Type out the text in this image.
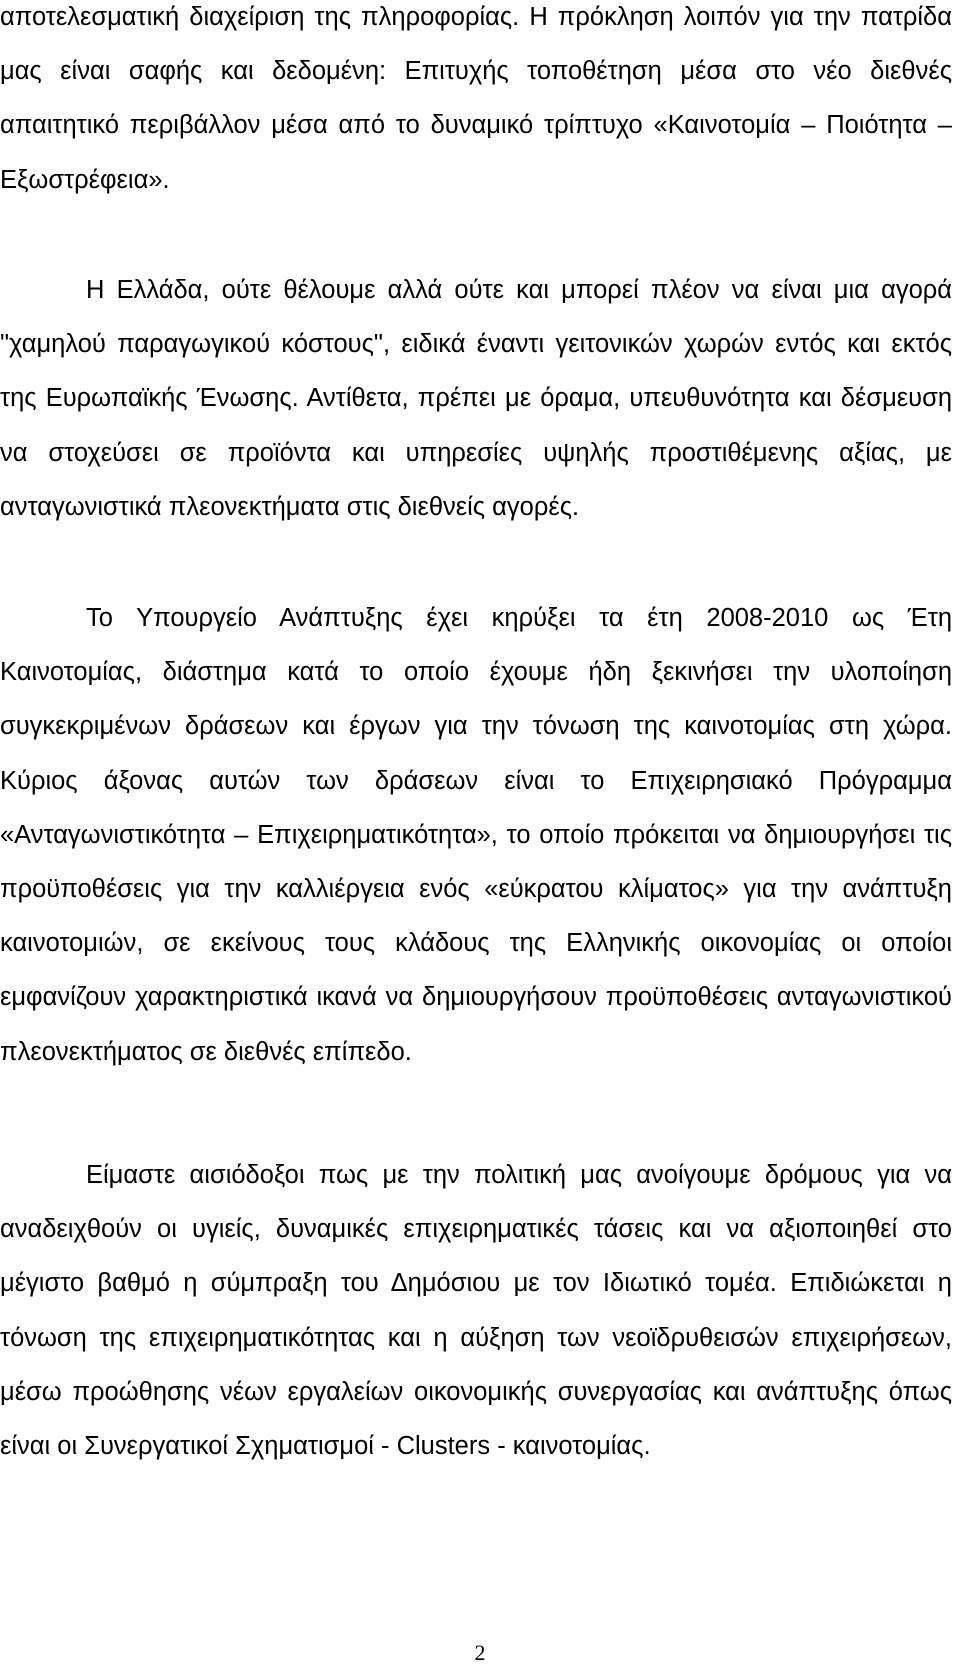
αποτελεσματική διαχείριση της πληροφορίας. Η πρόκληση λοιπόν για την πατρίδα μας είναι σαφής και δεδομένη: Επιτυχής τοποθέτηση μέσα στο νέο διεθνές απαιτητικό περιβάλλον μέσα από το δυναμικό τρίπτυχο «Καινοτομία – Ποιότητα – Εξωστρέφεια».
Η Ελλάδα, ούτε θέλουμε αλλά ούτε και μπορεί πλέον να είναι μια αγορά "χαμηλού παραγωγικού κόστους", ειδικά έναντι γειτονικών χωρών εντός και εκτός της Ευρωπαϊκής Ένωσης. Αντίθετα, πρέπει με όραμα, υπευθυνότητα και δέσμευση να στοχεύσει σε προϊόντα και υπηρεσίες υψηλής προστιθέμενης αξίας, με ανταγωνιστικά πλεονεκτήματα στις διεθνείς αγορές.
Το Υπουργείο Ανάπτυξης έχει κηρύξει τα έτη 2008-2010 ως Έτη Καινοτομίας, διάστημα κατά το οποίο έχουμε ήδη ξεκινήσει την υλοποίηση συγκεκριμένων δράσεων και έργων για την τόνωση της καινοτομίας στη χώρα. Κύριος άξονας αυτών των δράσεων είναι το Επιχειρησιακό Πρόγραμμα «Ανταγωνιστικότητα – Επιχειρηματικότητα», το οποίο πρόκειται να δημιουργήσει τις προϋποθέσεις για την καλλιέργεια ενός «εύκρατου κλίματος» για την ανάπτυξη καινοτομιών, σε εκείνους τους κλάδους της Ελληνικής οικονομίας οι οποίοι εμφανίζουν χαρακτηριστικά ικανά να δημιουργήσουν προϋποθέσεις ανταγωνιστικού πλεονεκτήματος σε διεθνές επίπεδο.
Είμαστε αισιόδοξοι πως με την πολιτική μας ανοίγουμε δρόμους για να αναδειχθούν οι υγιείς, δυναμικές επιχειρηματικές τάσεις και να αξιοποιηθεί στο μέγιστο βαθμό η σύμπραξη του Δημόσιου με τον Ιδιωτικό τομέα. Επιδιώκεται η τόνωση της επιχειρηματικότητας και η αύξηση των νεοϊδρυθεισών επιχειρήσεων, μέσω προώθησης νέων εργαλείων οικονομικής συνεργασίας και ανάπτυξης όπως είναι οι Συνεργατικοί Σχηματισμοί - Clusters - καινοτομίας.
2
